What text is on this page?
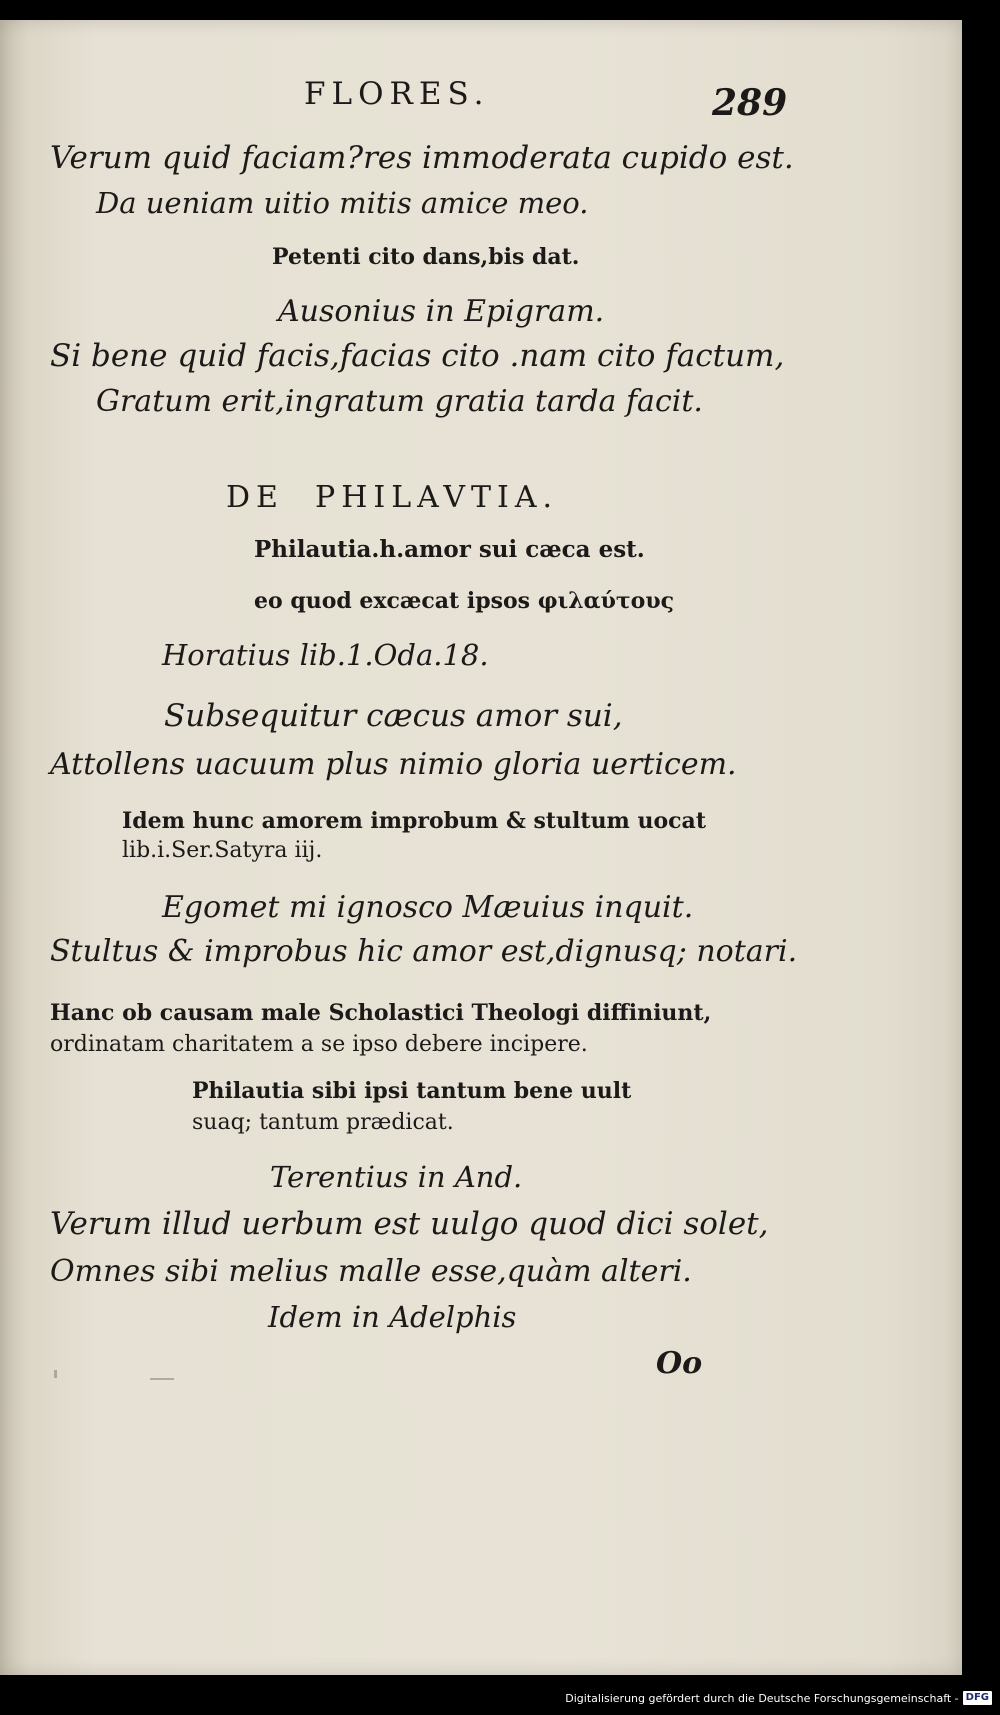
FLORES.	289
Verum quid faciam?res immoderata cupido est.
Da ueniam uitio mitis amice meo.
Petenti cito dans,bis dat.
Ausonius in Epigram.
Si bene quid facis,facias cito .nam cito factum,
Gratum erit,ingratum gratia tarda facit.
DE  PHILAVTIA.
Philautia.h.amor sui cæca est.
eo quod excæcat ipsos φιλαύτους
Horatius lib.1.Oda.18.
Subsequitur cæcus amor sui,
Attollens uacuum plus nimio gloria uerticem.
Idem hunc amorem improbum & stultum uocat
lib.i.Ser.Satyra iij.
Egomet mi ignosco Mæuius inquit.
Stultus & improbus hic amor est,dignusq; notari.
Hanc ob causam male Scholastici Theologi diffiniunt,
ordinatam charitatem a se ipso debere incipere.
Philautia sibi ipsi tantum bene uult
suaq; tantum prædicat.
Terentius in And.
Verum illud uerbum est uulgo quod dici solet,
Omnes sibi melius malle esse,quàm alteri.
Idem in Adelphis
Oo
Digitalisierung gefördert durch die Deutsche Forschungsgemeinschaft - DFG
